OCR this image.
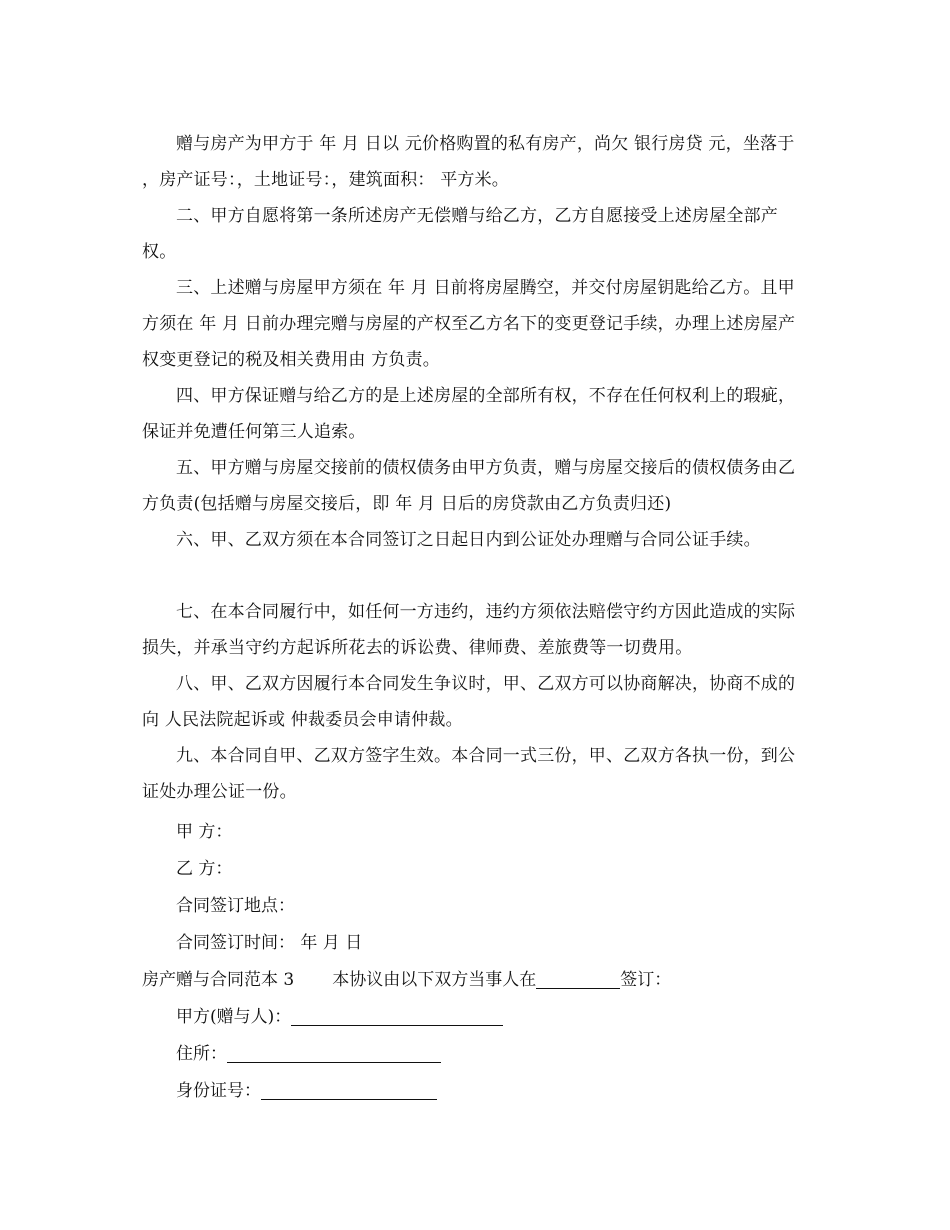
赠与房产为甲方于 年 月 日以 元价格购置的私有房产，尚欠 银行房贷 元，坐落于 ，房产证号：，土地证号：，建筑面积： 平方米。

二、甲方自愿将第一条所述房产无偿赠与给乙方，乙方自愿接受上述房屋全部产权。

三、上述赠与房屋甲方须在 年 月 日前将房屋腾空，并交付房屋钥匙给乙方。且甲方须在 年 月 日前办理完赠与房屋的产权至乙方名下的变更登记手续，办理上述房屋产权变更登记的税及相关费用由 方负责。

四、甲方保证赠与给乙方的是上述房屋的全部所有权，不存在任何权利上的瑕疵，保证并免遭任何第三人追索。

五、甲方赠与房屋交接前的债权债务由甲方负责，赠与房屋交接后的债权债务由乙方负责(包括赠与房屋交接后，即 年 月 日后的房贷款由乙方负责归还)

六、甲、乙双方须在本合同签订之日起日内到公证处办理赠与合同公证手续。

七、在本合同履行中，如任何一方违约，违约方须依法赔偿守约方因此造成的实际损失，并承当守约方起诉所花去的诉讼费、律师费、差旅费等一切费用。

八、甲、乙双方因履行本合同发生争议时，甲、乙双方可以协商解决，协商不成的向 人民法院起诉或 仲裁委员会申请仲裁。

九、本合同自甲、乙双方签字生效。本合同一式三份，甲、乙双方各执一份，到公证处办理公证一份。

甲 方：

乙 方：

合同签订地点：

合同签订时间： 年 月 日

房产赠与合同范本 3 本协议由以下双方当事人在	签订：

甲方(赠与人)：

住所：

身份证号：
